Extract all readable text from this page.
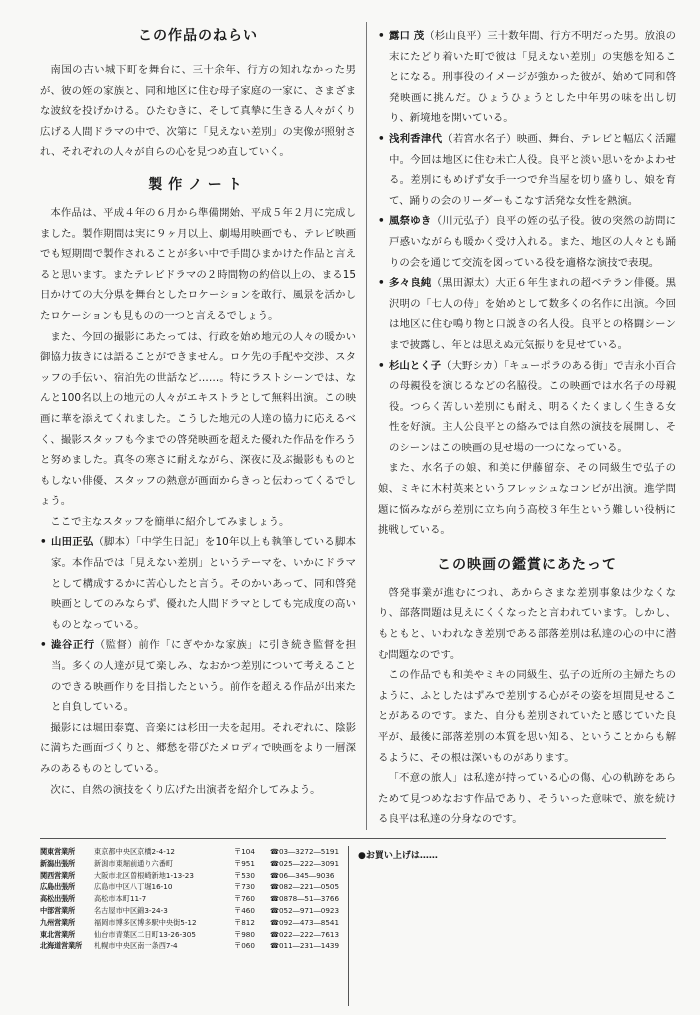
この作品のねらい

南国の古い城下町を舞台に、三十余年、行方の知れなかった男が、彼の姪の家族と、同和地区に住む母子家庭の一家に、さまざまな波紋を投げかける。ひたむきに、そして真摯に生きる人々がくり広げる人間ドラマの中で、次第に「見えない差別」の実像が照射され、それぞれの人々が自らの心を見つめ直していく。

製作ノート

本作品は、平成４年の６月から準備開始、平成５年２月に完成しました。製作期間は実に９ヶ月以上、劇場用映画でも、テレビ映画でも短期間で製作されることが多い中で手間ひまかけた作品と言えると思います。またテレビドラマの２時間物の約倍以上の、まる15日かけての大分県を舞台としたロケーションを敢行、風景を活かしたロケーションも見ものの一つと言えるでしょう。

また、今回の撮影にあたっては、行政を始め地元の人々の暖かい御協力抜きには語ることができません。ロケ先の手配や交渉、スタッフの手伝い、宿泊先の世話など……。特にラストシーンでは、なんと100名以上の地元の人々がエキストラとして無料出演。この映画に華を添えてくれました。こうした地元の人達の協力に応えるべく、撮影スタッフも今までの啓発映画を超えた優れた作品を作ろうと努めました。真冬の寒さに耐えながら、深夜に及ぶ撮影もものともしない俳優、スタッフの熱意が画面からきっと伝わってくるでしょう。

ここで主なスタッフを簡単に紹介してみましょう。

• 山田正弘（脚本）「中学生日記」を10年以上も執筆している脚本家。本作品では「見えない差別」というテーマを、いかにドラマとして構成するかに苦心したと言う。そのかいあって、同和啓発映画としてのみならず、優れた人間ドラマとしても完成度の高いものとなっている。
• 澁谷正行（監督）前作「にぎやかな家族」に引き続き監督を担当。多くの人達が見て楽しみ、なおかつ差別について考えることのできる映画作りを目指したという。前作を超える作品が出来たと自負している。

撮影には堀田泰寛、音楽には杉田一夫を起用。それぞれに、陰影に満ちた画面づくりと、郷愁を帯びたメロディで映画をより一層深みのあるものとしている。

次に、自然の演技をくり広げた出演者を紹介してみよう。

• 露口 茂（杉山良平）三十数年間、行方不明だった男。放浪の末にたどり着いた町で彼は「見えない差別」の実態を知ることになる。刑事役のイメージが強かった彼が、始めて同和啓発映画に挑んだ。ひょうひょうとした中年男の味を出し切り、新境地を開いている。
• 浅利香津代（若宮水名子）映画、舞台、テレビと幅広く活躍中。今回は地区に住む未亡人役。良平と淡い思いをかよわせる。差別にもめげず女手一つで弁当屋を切り盛りし、娘を育て、踊りの会のリーダーもこなす活発な女性を熱演。
• 風祭ゆき（川元弘子）良平の姪の弘子役。彼の突然の訪問に戸惑いながらも暖かく受け入れる。また、地区の人々とも踊りの会を通じて交流を図っている役を適格な演技で表現。
• 多々良純（黒田源太）大正６年生まれの超ベテラン俳優。黒沢明の「七人の侍」を始めとして数多くの名作に出演。今回は地区に住む鳴り物と口説きの名人役。良平との格闘シーンまで披露し、年とは思えぬ元気振りを見せている。
• 杉山とく子（大野シカ）「キューポラのある街」で吉永小百合の母親役を演じるなどの名脇役。この映画では水名子の母親役。つらく苦しい差別にも耐え、明るくたくましく生きる女性を好演。主人公良平との絡みでは自然の演技を展開し、そのシーンはこの映画の見せ場の一つになっている。

また、水名子の娘、和美に伊藤留奈、その同級生で弘子の娘、ミキに木村英来というフレッシュなコンビが出演。進学問題に悩みながら差別に立ち向う高校３年生という難しい役柄に挑戦している。

この映画の鑑賞にあたって

啓発事業が進むにつれ、あからさまな差別事象は少なくなり、部落問題は見えにくくなったと言われています。しかし、もともと、いわれなき差別である部落差別は私達の心の中に潜む問題なのです。

この作品でも和美やミキの同級生、弘子の近所の主婦たちのように、ふとしたはずみで差別する心がその姿を垣間見せることがあるのです。また、自分も差別されていたと感じていた良平が、最後に部落差別の本質を思い知る、ということからも解るように、その根は深いものがあります。

「不意の旅人」は私達が持っている心の傷、心の軌跡をあらためて見つめなおす作品であり、そういった意味で、旅を続ける良平は私達の分身なのです。

関東営業所	東京都中央区京橋2-4-12	〒104	☎03―3272―5191
新潟出張所	新潟市東堀前通り六番町	〒951	☎025―222―3091
関西営業所	大阪市北区曽根崎新地1-13-23	〒530	☎06―345―9036
広島出張所	広島市中区八丁堀16-10	〒730	☎082―221―0505
高松出張所	高松市本町11-7	〒760	☎0878―51―3766
中部営業所	名古屋市中区錦3-24-3	〒460	☎052―971―0923
九州営業所	福岡市博多区博多駅中央街5-12	〒812	☎092―473―8541
東北営業所	仙台市青葉区二日町13-26-305	〒980	☎022―222―7613
北海道営業所	札幌市中央区南一条西7-4	〒060	☎011―231―1439
●お買い上げは……
